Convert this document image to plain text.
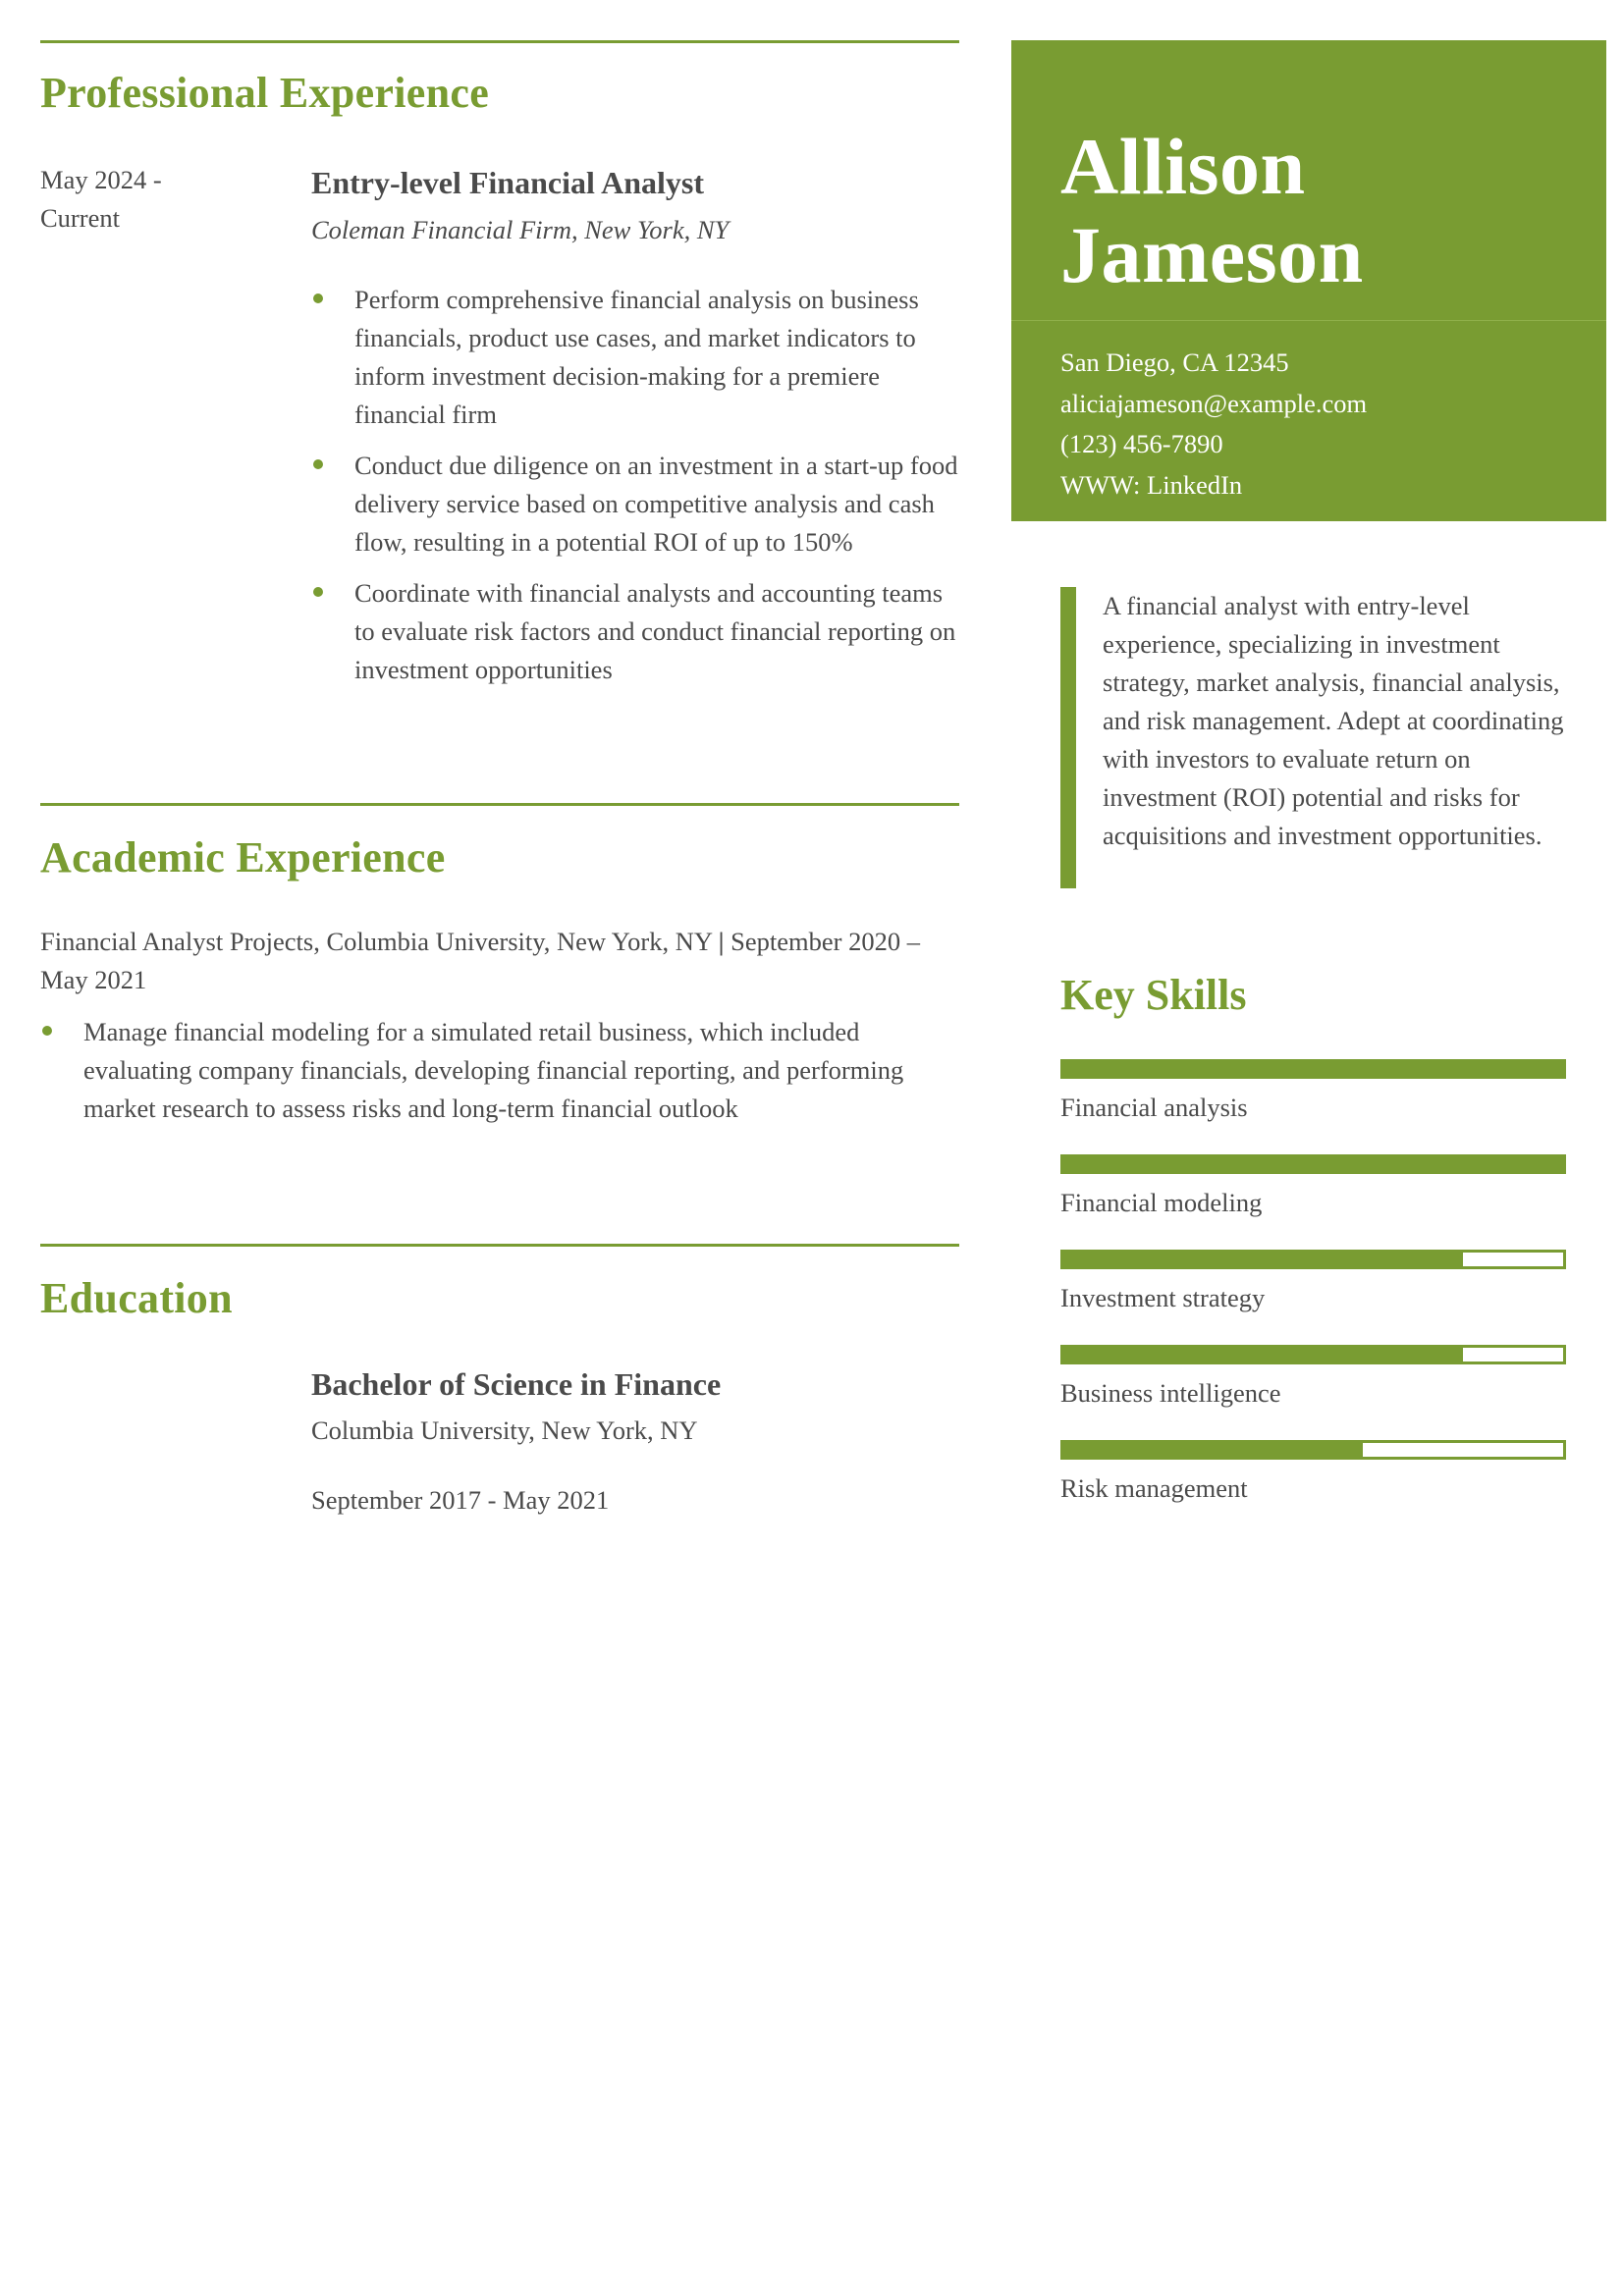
Professional Experience
May 2024 - Current
Entry-level Financial Analyst
Coleman Financial Firm, New York, NY
Perform comprehensive financial analysis on business financials, product use cases, and market indicators to inform investment decision-making for a premiere financial firm
Conduct due diligence on an investment in a start-up food delivery service based on competitive analysis and cash flow, resulting in a potential ROI of up to 150%
Coordinate with financial analysts and accounting teams to evaluate risk factors and conduct financial reporting on investment opportunities
Academic Experience
Financial Analyst Projects, Columbia University, New York, NY | September 2020 – May 2021
Manage financial modeling for a simulated retail business, which included evaluating company financials, developing financial reporting, and performing market research to assess risks and long-term financial outlook
Education
Bachelor of Science in Finance
Columbia University, New York, NY
September 2017 - May 2021
Allison
Jameson
San Diego, CA 12345
aliciajameson@example.com
(123) 456-7890
WWW: LinkedIn

A financial analyst with entry-level experience, specializing in investment strategy, market analysis, financial analysis, and risk management. Adept at coordinating with investors to evaluate return on investment (ROI) potential and risks for acquisitions and investment opportunities.

Key Skills
Financial analysis
Financial modeling
Investment strategy
Business intelligence
Risk management
